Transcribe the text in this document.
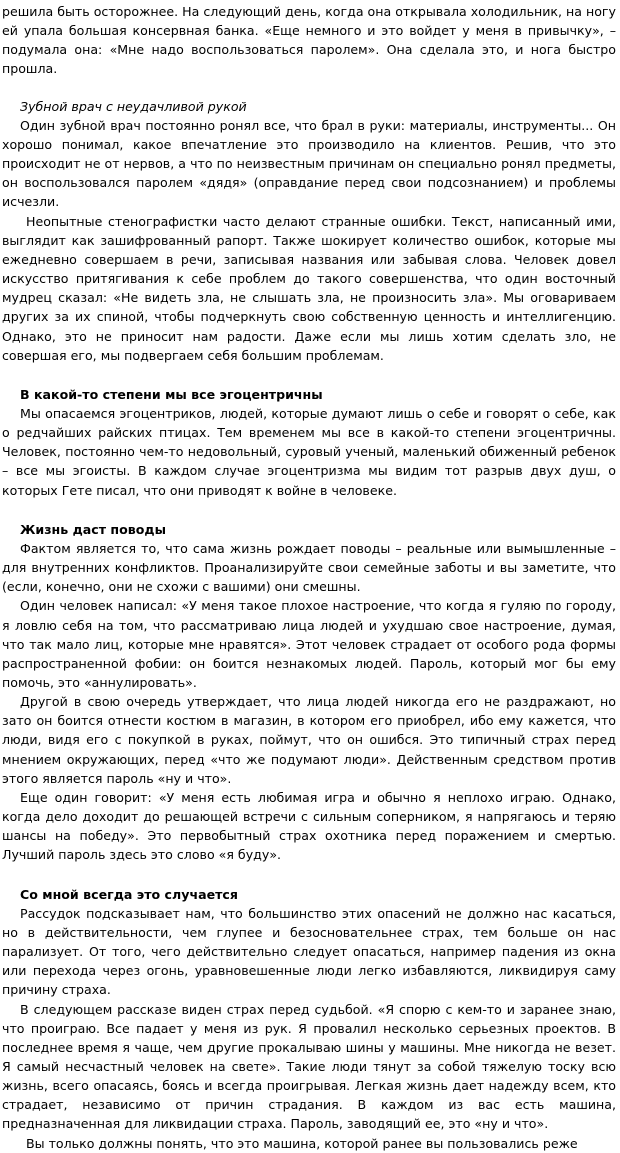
решила быть осторожнее. На следующий день, когда она открывала холодильник, на ногу ей упала большая консервная банка. «Еще немного и это войдет у меня в привычку», – подумала она: «Мне надо воспользоваться паролем». Она сделала это, и нога быстро прошла.

Зубной врач с неудачливой рукой

Один зубной врач постоянно ронял все, что брал в руки: материалы, инструменты... Он хорошо понимал, какое впечатление это производило на клиентов. Решив, что это происходит не от нервов, а что по неизвестным причинам он специально ронял предметы, он воспользовался паролем «дядя» (оправдание перед свои подсознанием) и проблемы исчезли.

Неопытные стенографистки часто делают странные ошибки. Текст, написанный ими, выглядит как зашифрованный рапорт. Также шокирует количество ошибок, которые мы ежедневно совершаем в речи, записывая названия или забывая слова. Человек довел искусство притягивания к себе проблем до такого совершенства, что один восточный мудрец сказал: «Не видеть зла, не слышать зла, не произносить зла». Мы оговариваем других за их спиной, чтобы подчеркнуть свою собственную ценность и интеллигенцию. Однако, это не приносит нам радости. Даже если мы лишь хотим сделать зло, не совершая его, мы подвергаем себя большим проблемам.

В какой-то степени мы все эгоцентричны

Мы опасаемся эгоцентриков, людей, которые думают лишь о себе и говорят о себе, как о редчайших райских птицах. Тем временем мы все в какой-то степени эгоцентричны. Человек, постоянно чем-то недовольный, суровый ученый, маленький обиженный ребенок – все мы эгоисты. В каждом случае эгоцентризма мы видим тот разрыв двух душ, о которых Гете писал, что они приводят к войне в человеке.

Жизнь даст поводы

Фактом является то, что сама жизнь рождает поводы – реальные или вымышленные – для внутренних конфликтов. Проанализируйте свои семейные заботы и вы заметите, что (если, конечно, они не схожи с вашими) они смешны.

Один человек написал: «У меня такое плохое настроение, что когда я гуляю по городу, я ловлю себя на том, что рассматриваю лица людей и ухудшаю свое настроение, думая, что так мало лиц, которые мне нравятся». Этот человек страдает от особого рода формы распространенной фобии: он боится незнакомых людей. Пароль, который мог бы ему помочь, это «аннулировать».

Другой в свою очередь утверждает, что лица людей никогда его не раздражают, но зато он боится отнести костюм в магазин, в котором его приобрел, ибо ему кажется, что люди, видя его с покупкой в руках, поймут, что он ошибся. Это типичный страх перед мнением окружающих, перед «что же подумают люди». Действенным средством против этого является пароль «ну и что».

Еще один говорит: «У меня есть любимая игра и обычно я неплохо играю. Однако, когда дело доходит до решающей встречи с сильным соперником, я напрягаюсь и теряю шансы на победу». Это первобытный страх охотника перед поражением и смертью. Лучший пароль здесь это слово «я буду».

Со мной всегда это случается

Рассудок подсказывает нам, что большинство этих опасений не должно нас касаться, но в действительности, чем глупее и безосновательнее страх, тем больше он нас парализует. От того, чего действительно следует опасаться, например падения из окна или перехода через огонь, уравновешенные люди легко избавляются, ликвидируя саму причину страха.

В следующем рассказе виден страх перед судьбой. «Я спорю с кем-то и заранее знаю, что проиграю. Все падает у меня из рук. Я провалил несколько серьезных проектов. В последнее время я чаще, чем другие прокалываю шины у машины. Мне никогда не везет. Я самый несчастный человек на свете». Такие люди тянут за собой тяжелую тоску всю жизнь, всего опасаясь, боясь и всегда проигрывая. Легкая жизнь дает надежду всем, кто страдает, независимо от причин страдания. В каждом из вас есть машина, предназначенная для ликвидации страха. Пароль, заводящий ее, это «ну и что».

Вы только должны понять, что это машина, которой ранее вы пользовались реже
